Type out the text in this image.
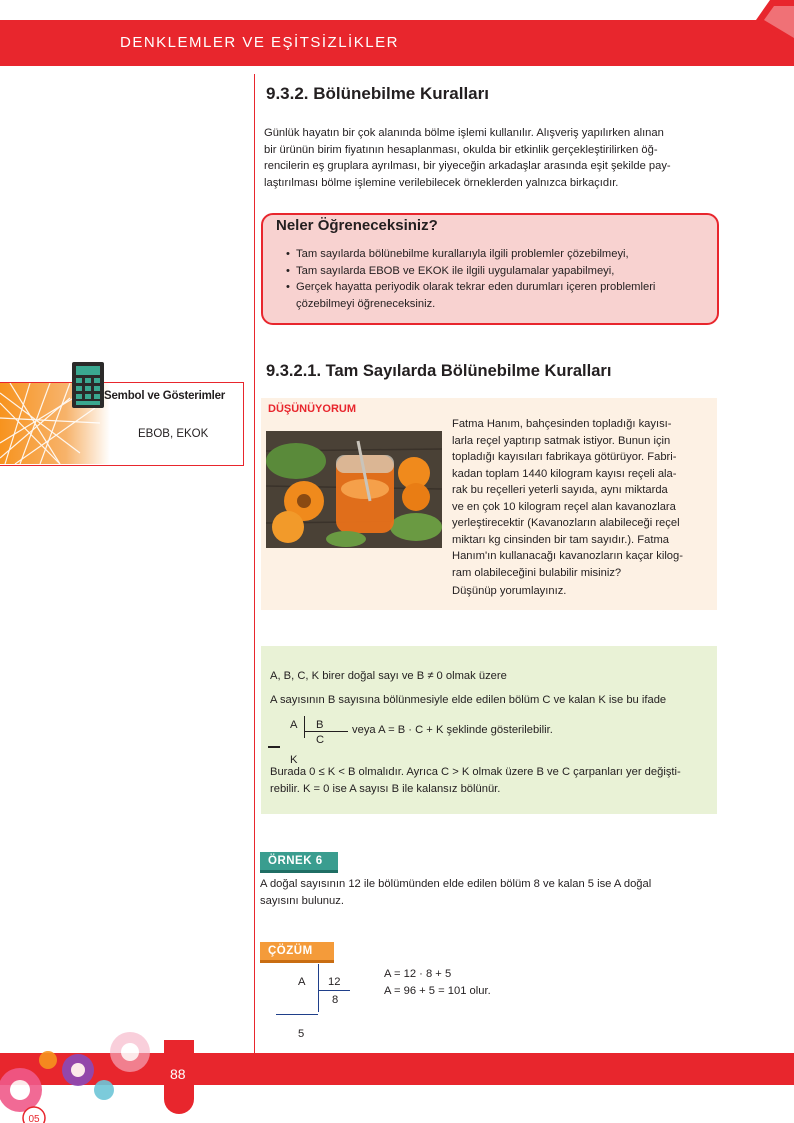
DENKLEMLER VE EŞİTSİZLİKLER
9.3.2. Bölünebilme Kuralları
Günlük hayatın bir çok alanında bölme işlemi kullanılır. Alışveriş yapılırken alınan
bir ürünün birim fiyatının hesaplanması, okulda bir etkinlik gerçekleştirilirken öğ-
rencilerin eş gruplara ayrılması, bir yiyeceğin arkadaşlar arasında eşit şekilde pay-
laştırılması bölme işlemine verilebilecek örneklerden yalnızca birkaçıdır.
Neler Öğreneceksiniz?
• Tam sayılarda bölünebilme kurallarıyla ilgili problemler çözebilmeyi,
• Tam sayılarda EBOB ve EKOK ile ilgili uygulamalar yapabilmeyi,
• Gerçek hayatta periyodik olarak tekrar eden durumları içeren problemleri çözebilmeyi öğreneceksiniz.
9.3.2.1. Tam Sayılarda Bölünebilme Kuralları
Sembol ve Gösterimler
EBOB, EKOK
DÜŞÜNÜYORUM
Fatma Hanım, bahçesinden topladığı kayısı-
larla reçel yaptırıp satmak istiyor. Bunun için
topladığı kayısıları fabrikaya götürüyor. Fabri-
kadan toplam 1440 kilogram kayısı reçeli ala-
rak bu reçelleri yeterli sayıda, aynı miktarda
ve en çok 10 kilogram reçel alan kavanozlara
yerleştirecektir (Kavanozların alabileceği reçel
miktarı kg cinsinden bir tam sayıdır.). Fatma
Hanım'ın kullanacağı kavanozların kaçar kilog-
ram olabileceğini bulabilir misiniz?
Düşünüp yorumlayınız.
A, B, C, K birer doğal sayı ve B ≠ 0 olmak üzere
A sayısının B sayısına bölünmesiyle elde edilen bölüm C ve kalan K ise bu ifade
A B
C
K
veya A = B · C + K şeklinde gösterilebilir.
Burada 0 ≤ K < B olmalıdır. Ayrıca C > K olmak üzere B ve C çarpanları yer değişti-
rebilir. K = 0 ise A sayısı B ile kalansız bölünür.
ÖRNEK 6
A doğal sayısının 12 ile bölümünden elde edilen bölüm 8 ve kalan 5 ise A doğal
sayısını bulunuz.
ÇÖZÜM
A 12
8
5
A = 12 · 8 + 5
A = 96 + 5 = 101 olur.
88
05
